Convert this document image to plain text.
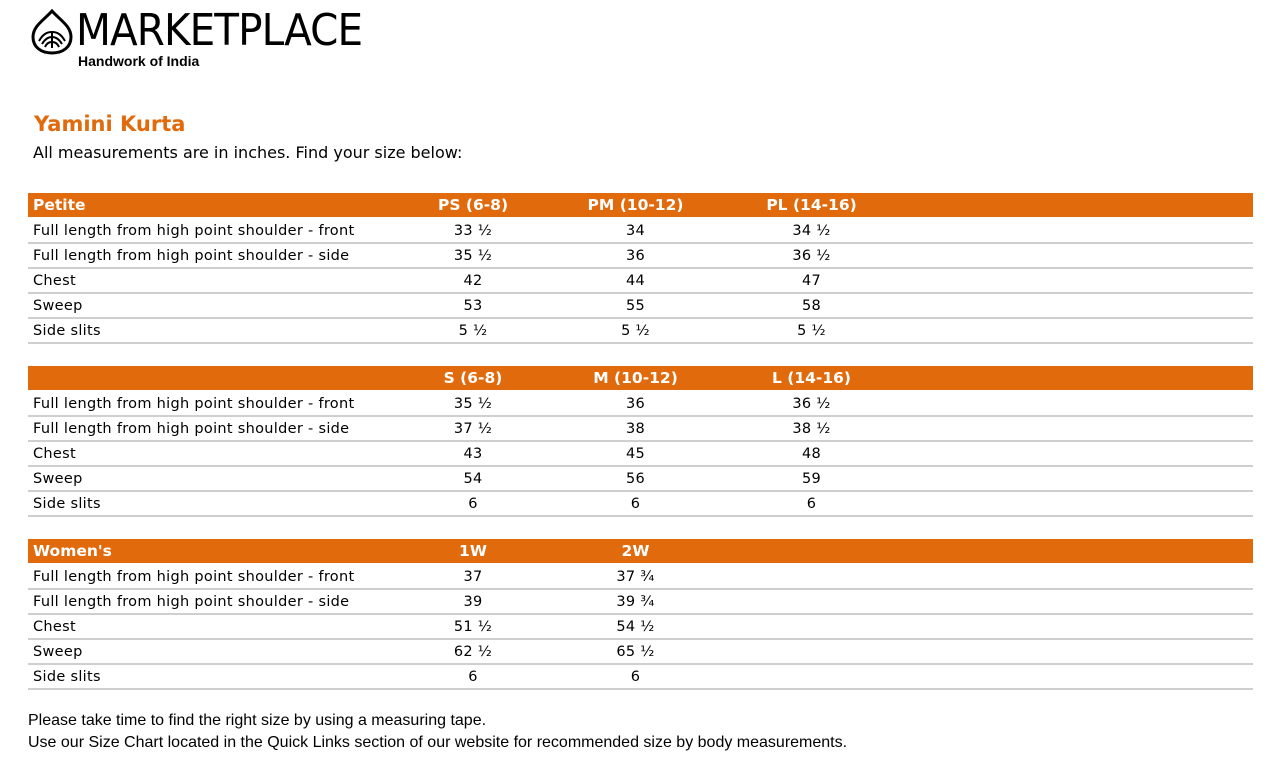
MARKETPLACE
Handwork of India
Yamini Kurta
All measurements are in inches. Find your size below:
Petite	PS (6-8)	PM (10-12)	PL (14-16)	
Full length from high point shoulder - front	33 ½	34	34 ½	
Full length from high point shoulder - side	35 ½	36	36 ½	
Chest	42	44	47	
Sweep	53	55	58	
Side slits	5 ½	5 ½	5 ½	
	S (6-8)	M (10-12)	L (14-16)	
Full length from high point shoulder - front	35 ½	36	36 ½	
Full length from high point shoulder - side	37 ½	38	38 ½	
Chest	43	45	48	
Sweep	54	56	59	
Side slits	6	6	6	
Women's	1W	2W		
Full length from high point shoulder - front	37	37 ¾		
Full length from high point shoulder - side	39	39 ¾		
Chest	51 ½	54 ½		
Sweep	62 ½	65 ½		
Side slits	6	6		
Please take time to find the right size by using a measuring tape.
Use our Size Chart located in the Quick Links section of our website for recommended size by body measurements.
